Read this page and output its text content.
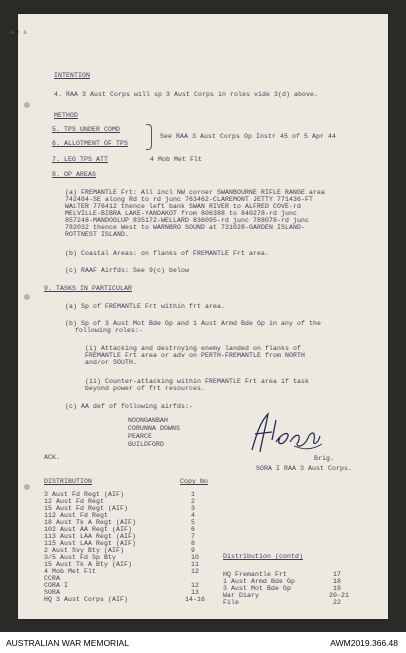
-8 : &
INTENTION
4. RAA 3 Aust Corps will sp 3 Aust Corps in roles vide 3(d) above.
METHOD
5. TPS UNDER COMD
6. ALLOTMENT OF TPS
See RAA 3 Aust Corps Op Instr 45 of 5 Apr 44
7. LEG TPS ATT	4 Mob Met Flt
8. OP AREAS
(a) FREMANTLE Frt: All incl NW corner SWANBOURNE RIFLE RANGE area
742484-SE along Rd to rd junc 763462-CLAREMONT JETTY 771436-FT
WALTER 776412 thence left bank SWAN RIVER to ALFRED COVE-rd
MELVILLE-BIBRA LAKE-YANDAKOT from 806388 to 840278-rd junc
857248-MANDOGLUP 835172-WELLARD 836095-rd junc 788078-rd junc
782032 thence West to WARNBRO SOUND at 731028-GARDEN ISLAND-
ROTTNEST ISLAND.
(b) Coastal Areas: on flanks of FREMANTLE Frt area.
(c) RAAF Airfds: See 9(c) below
9. TASKS IN PARTICULAR
(a) Sp of FREMANTLE Frt within frt area.
(b) Sp of 3 Aust Mot Bde Gp and 1 Aust Armd Bde Gp in any of the
following roles:-
(i) Attacking and destroying enemy landed on flanks of
FREMANTLE Frt area or adv on PERTH-FREMANTLE from NORTH
and/or SOUTH.
(ii) Counter-attacking within FREMANTLE Frt area if task
beyond power of frt resources.
(c) AA def of following airfds:-
NOONGANBAH
CORUNNA DOWNS
PEARCE
GUILDFORD
ACK.	Brig.
SORA I RAA 3 Aust Corps.
DISTRIBUTION	Copy No
3 Aust Fd Regt (AIF)	1
12 Aust Fd Regt	2
15 Aust Fd Regt (AIF)	3
112 Aust Fd Regt	4
18 Aust Tk A Regt (AIF)	5
102 Aust AA Regt (AIF)	6
113 Aust LAA Regt (AIF)	7
115 Aust LAA Regt (AIF)	8
2 Aust Svy Bty (AIF)	9
3/5 Aust Fd Sp Bty	10
15 Aust Tk A Bty (AIF)	11
4 Mob Met Flt	12
CCRA
CORA I	12
SORA	13
HQ 3 Aust Corps (AIF)	14-16
Distribution (contd)
HQ Fremantle Frt	17
1 Aust Armd Bde Gp	18
3 Aust Mot Bde Gp	19
War Diary	20-21
File	22
AUSTRALIAN WAR MEMORIAL	AWM2019.366.48
